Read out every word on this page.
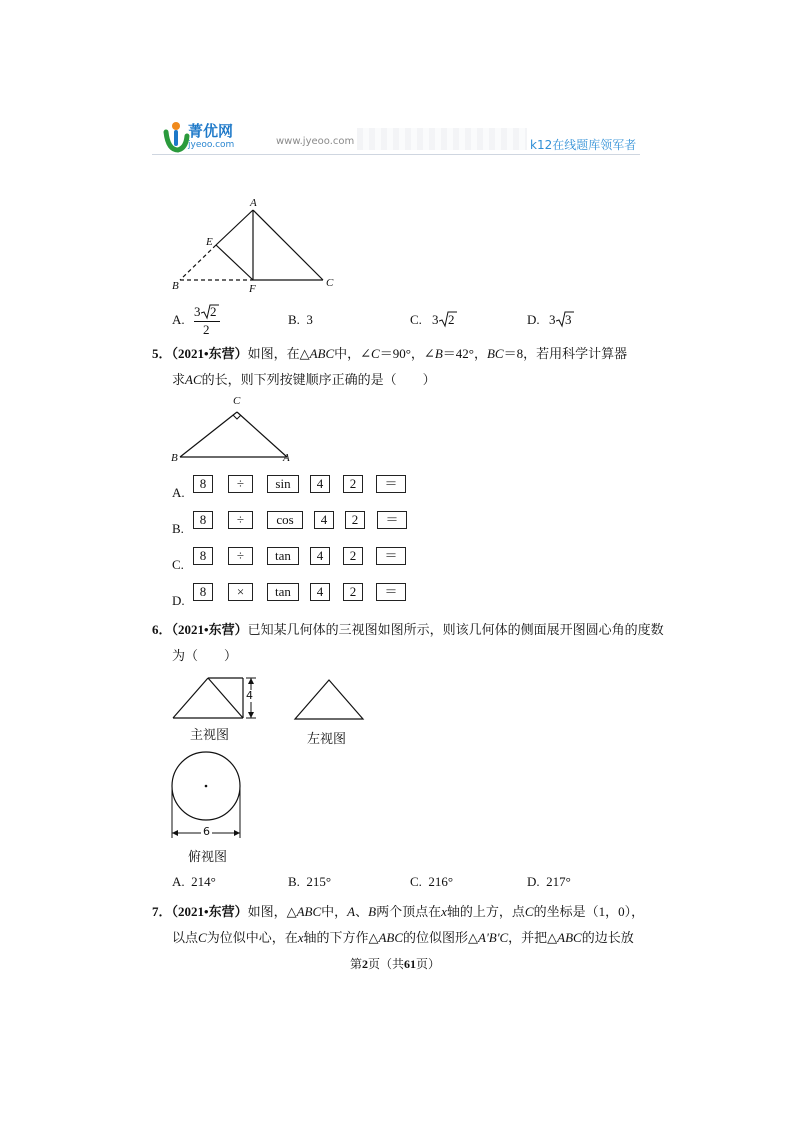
菁优网
jyeoo.com	www.jyeoo.com	k12在线题库领军者
A
E
B	F	C
A.
3 2
2
B. 3	C. 3 2	D. 3 3
5．（2021•东营）如图，在△ABC中，∠C＝90°，∠B＝42°，BC＝8，若用科学计算器
求AC的长，则下列按键顺序正确的是（　　）
C
B	A
A.
8	÷	sin	4	2	＝
B.
8	÷	cos	4	2	＝
C.
8	÷	tan	4	2	＝
D.
8	×	tan	4	2	＝
6．（2021•东营）已知某几何体的三视图如图所示，则该几何体的侧面展开图圆心角的度数
为（　　）
4
主视图	左视图
6
俯视图
A. 214°	B. 215°	C. 216°	D. 217°
7．（2021•东营）如图，△ABC中，A、B两个顶点在x轴的上方，点C的坐标是（1，0），
以点C为位似中心，在x轴的下方作△ABC的位似图形△A'B'C，并把△ABC的边长放
第2页（共61页）
